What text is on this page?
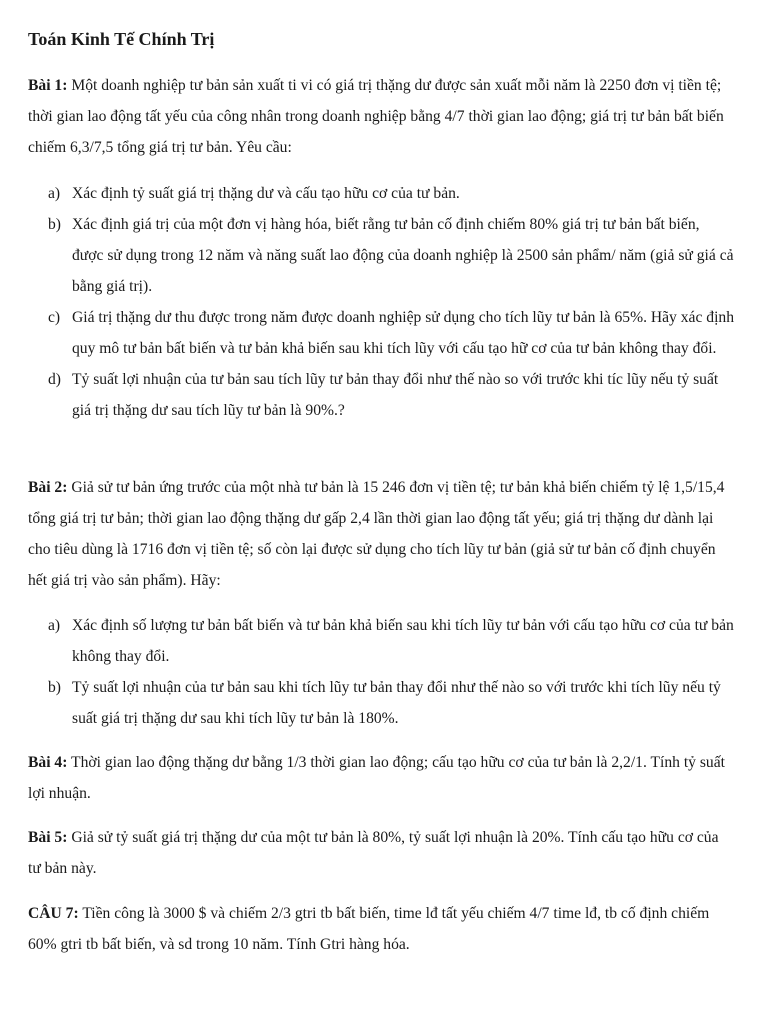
Toán Kinh Tế Chính Trị

Bài 1: Một doanh nghiệp tư bản sản xuất ti vi có giá trị thặng dư được sản xuất mỗi năm là 2250 đơn vị tiền tệ; thời gian lao động tất yếu của công nhân trong doanh nghiệp bằng 4/7 thời gian lao động; giá trị tư bản bất biến chiếm 6,3/7,5 tổng giá trị tư bản. Yêu cầu:

a) Xác định tỷ suất giá trị thặng dư và cấu tạo hữu cơ của tư bản.
b) Xác định giá trị của một đơn vị hàng hóa, biết rằng tư bản cố định chiếm 80% giá trị tư bản bất biến, được sử dụng trong 12 năm và năng suất lao động của doanh nghiệp là 2500 sản phẩm/ năm (giả sử giá cả bằng giá trị).
c) Giá trị thặng dư thu được trong năm được doanh nghiệp sử dụng cho tích lũy tư bản là 65%. Hãy xác định quy mô tư bản bất biến và tư bản khả biến sau khi tích lũy với cấu tạo hữ cơ của tư bản không thay đổi.
d) Tỷ suất lợi nhuận của tư bản sau tích lũy tư bản thay đổi như thế nào so với trước khi tíc lũy nếu tỷ suất giá trị thặng dư sau tích lũy tư bản là 90%.?

Bài 2: Giả sử tư bản ứng trước của một nhà tư bản là 15 246 đơn vị tiền tệ; tư bản khả biến chiếm tỷ lệ 1,5/15,4 tổng giá trị tư bản; thời gian lao động thặng dư gấp 2,4 lần thời gian lao động tất yếu; giá trị thặng dư dành lại cho tiêu dùng là 1716 đơn vị tiền tệ; số còn lại được sử dụng cho tích lũy tư bản (giả sử tư bản cố định chuyển hết giá trị vào sản phẩm). Hãy:

a) Xác định số lượng tư bản bất biến và tư bản khả biến sau khi tích lũy tư bản với cấu tạo hữu cơ của tư bản không thay đổi.
b) Tỷ suất lợi nhuận của tư bản sau khi tích lũy tư bản thay đổi như thế nào so với trước khi tích lũy nếu tỷ suất giá trị thặng dư sau khi tích lũy tư bản là 180%.

Bài 4: Thời gian lao động thặng dư bằng 1/3 thời gian lao động; cấu tạo hữu cơ của tư bản là 2,2/1. Tính tỷ suất lợi nhuận.

Bài 5: Giả sử tỷ suất giá trị thặng dư của một tư bản là 80%, tỷ suất lợi nhuận là 20%. Tính cấu tạo hữu cơ của tư bản này.

CÂU 7: Tiền công là 3000 $ và chiếm 2/3 gtri tb bất biến, time lđ tất yếu chiếm 4/7 time lđ, tb cố định chiếm 60% gtri tb bất biến, và sd trong 10 năm. Tính Gtri hàng hóa.
